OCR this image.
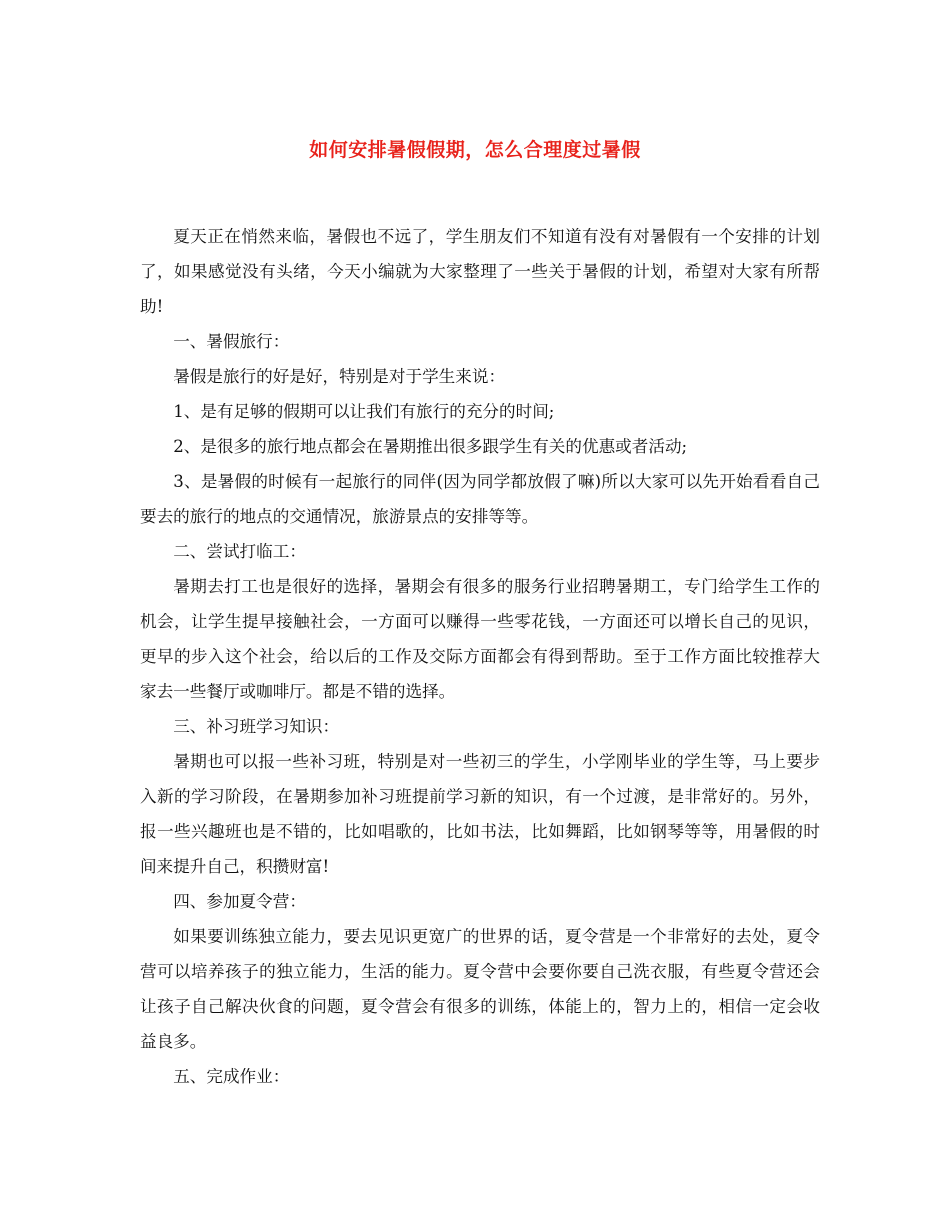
如何安排暑假假期，怎么合理度过暑假

夏天正在悄然来临，暑假也不远了，学生朋友们不知道有没有对暑假有一个安排的计划了，如果感觉没有头绪，今天小编就为大家整理了一些关于暑假的计划，希望对大家有所帮助!

一、暑假旅行：

暑假是旅行的好是好，特别是对于学生来说：

1、是有足够的假期可以让我们有旅行的充分的时间;

2、是很多的旅行地点都会在暑期推出很多跟学生有关的优惠或者活动;

3、是暑假的时候有一起旅行的同伴(因为同学都放假了嘛)所以大家可以先开始看看自己要去的旅行的地点的交通情况，旅游景点的安排等等。

二、尝试打临工：

暑期去打工也是很好的选择，暑期会有很多的服务行业招聘暑期工，专门给学生工作的机会，让学生提早接触社会，一方面可以赚得一些零花钱，一方面还可以增长自己的见识，更早的步入这个社会，给以后的工作及交际方面都会有得到帮助。至于工作方面比较推荐大家去一些餐厅或咖啡厅。都是不错的选择。

三、补习班学习知识：

暑期也可以报一些补习班，特别是对一些初三的学生，小学刚毕业的学生等，马上要步入新的学习阶段，在暑期参加补习班提前学习新的知识，有一个过渡，是非常好的。另外，报一些兴趣班也是不错的，比如唱歌的，比如书法，比如舞蹈，比如钢琴等等，用暑假的时间来提升自己，积攒财富!

四、参加夏令营：

如果要训练独立能力，要去见识更宽广的世界的话，夏令营是一个非常好的去处，夏令营可以培养孩子的独立能力，生活的能力。夏令营中会要你要自己洗衣服，有些夏令营还会让孩子自己解决伙食的问题，夏令营会有很多的训练，体能上的，智力上的，相信一定会收益良多。

五、完成作业：
